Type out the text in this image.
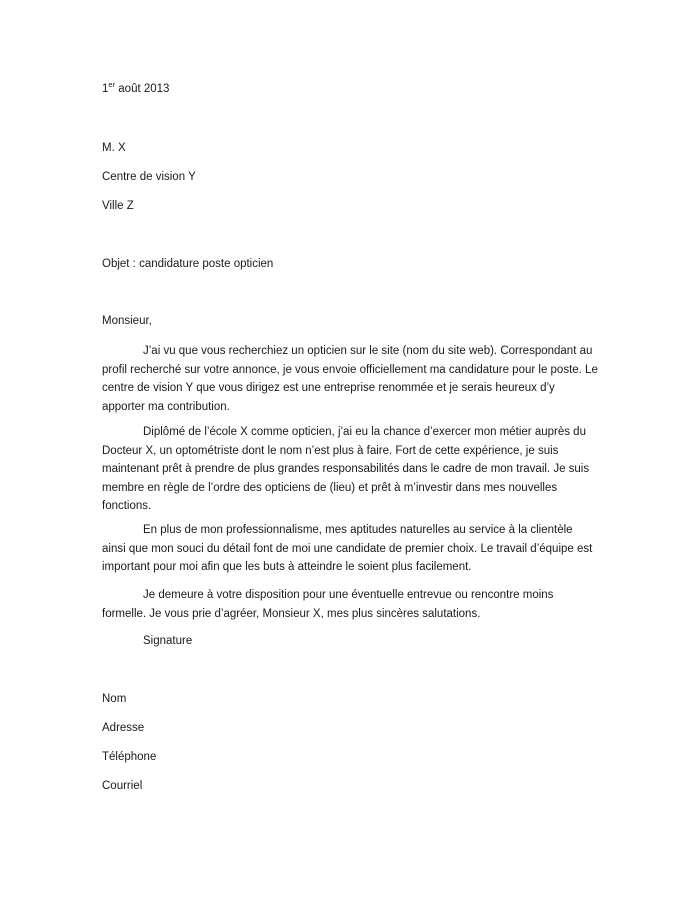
1er août 2013
M. X
Centre de vision Y
Ville Z
Objet : candidature poste opticien
Monsieur,
J’ai vu que vous recherchiez un opticien sur le site (nom du site web). Correspondant au profil recherché sur votre annonce, je vous envoie officiellement ma candidature pour le poste. Le centre de vision Y que vous dirigez est une entreprise renommée et je serais heureux d’y apporter ma contribution.
Diplômé de l’école X comme opticien, j’ai eu la chance d’exercer mon métier auprès du Docteur X, un optométriste dont le nom n’est plus à faire. Fort de cette expérience, je suis maintenant prêt à prendre de plus grandes responsabilités dans le cadre de mon travail. Je suis membre en règle de l’ordre des opticiens de (lieu) et prêt à m’investir dans mes nouvelles fonctions.
En plus de mon professionnalisme, mes aptitudes naturelles au service à la clientèle ainsi que mon souci du détail font de moi une candidate de premier choix. Le travail d’équipe est important pour moi afin que les buts à atteindre le soient plus facilement.
Je demeure à votre disposition pour une éventuelle entrevue ou rencontre moins formelle. Je vous prie d’agréer, Monsieur X, mes plus sincères salutations.
Signature
Nom
Adresse
Téléphone
Courriel
